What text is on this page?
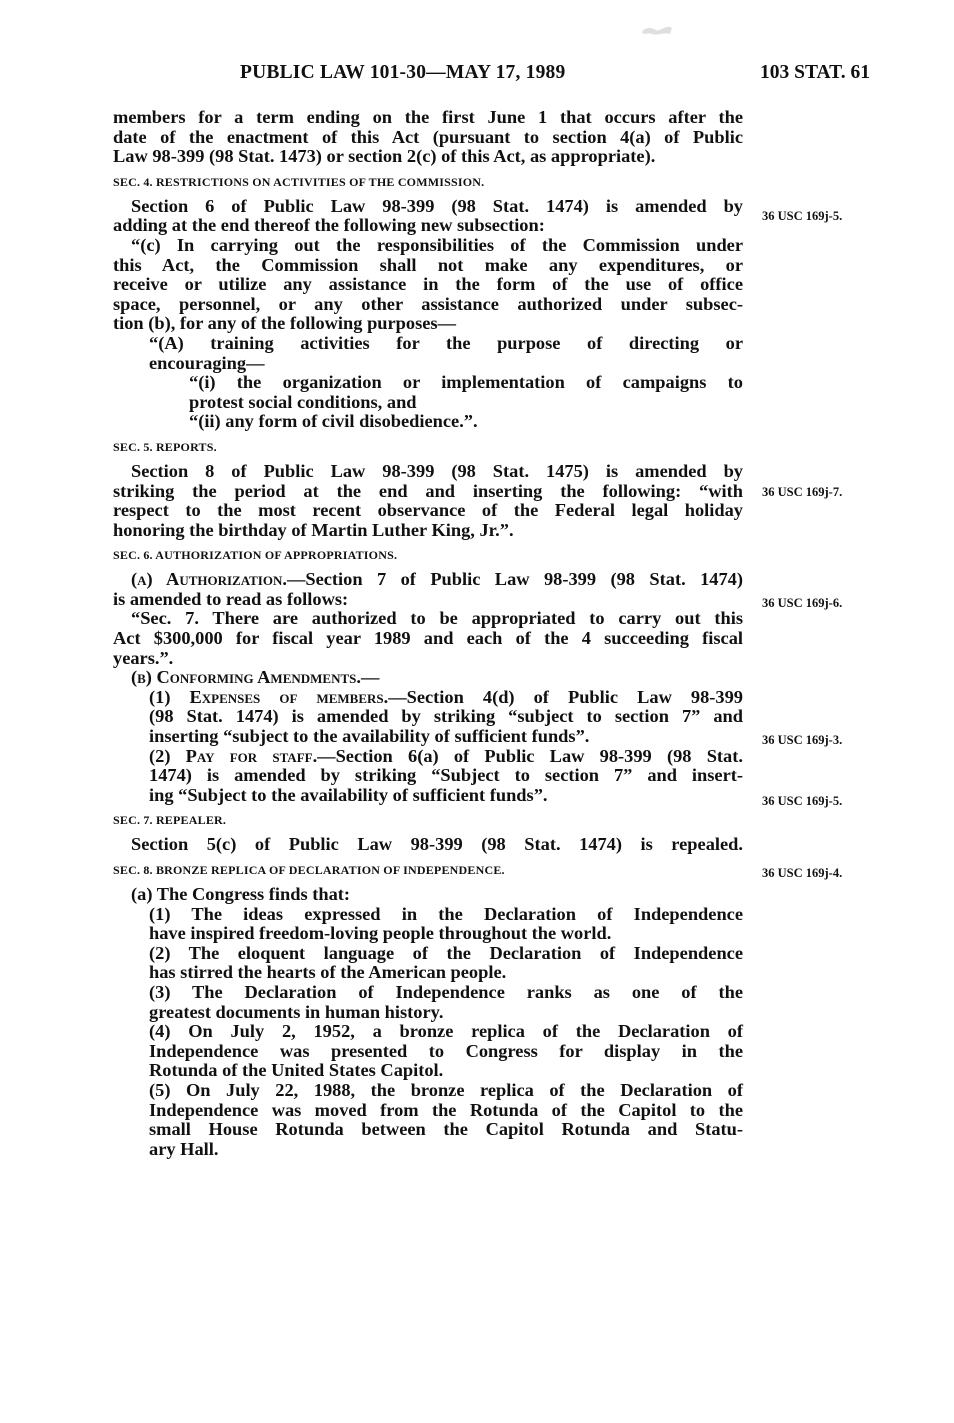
PUBLIC LAW 101-30—MAY 17, 1989	103 STAT. 61
members for a term ending on the first June 1 that occurs after the
date of the enactment of this Act (pursuant to section 4(a) of Public
Law 98-399 (98 Stat. 1473) or section 2(c) of this Act, as appropriate).
SEC. 4. RESTRICTIONS ON ACTIVITIES OF THE COMMISSION.
Section 6 of Public Law 98-399 (98 Stat. 1474) is amended by
adding at the end thereof the following new subsection:
“(c) In carrying out the responsibilities of the Commission under
this Act, the Commission shall not make any expenditures, or
receive or utilize any assistance in the form of the use of office
space, personnel, or any other assistance authorized under subsec-
tion (b), for any of the following purposes—
“(A) training activities for the purpose of directing or
encouraging—
“(i) the organization or implementation of campaigns to
protest social conditions, and
“(ii) any form of civil disobedience.”.
SEC. 5. REPORTS.
Section 8 of Public Law 98-399 (98 Stat. 1475) is amended by
striking the period at the end and inserting the following: “with
respect to the most recent observance of the Federal legal holiday
honoring the birthday of Martin Luther King, Jr.”.
SEC. 6. AUTHORIZATION OF APPROPRIATIONS.
(a) Authorization.—Section 7 of Public Law 98-399 (98 Stat. 1474)
is amended to read as follows:
“Sec. 7. There are authorized to be appropriated to carry out this
Act $300,000 for fiscal year 1989 and each of the 4 succeeding fiscal
years.”.
(b) Conforming Amendments.—
(1) Expenses of members.—Section 4(d) of Public Law 98-399
(98 Stat. 1474) is amended by striking “subject to section 7” and
inserting “subject to the availability of sufficient funds”.
(2) Pay for staff.—Section 6(a) of Public Law 98-399 (98 Stat.
1474) is amended by striking “Subject to section 7” and insert-
ing “Subject to the availability of sufficient funds”.
SEC. 7. REPEALER.
Section 5(c) of Public Law 98-399 (98 Stat. 1474) is repealed.
SEC. 8. BRONZE REPLICA OF DECLARATION OF INDEPENDENCE.
(a) The Congress finds that:
(1) The ideas expressed in the Declaration of Independence
have inspired freedom-loving people throughout the world.
(2) The eloquent language of the Declaration of Independence
has stirred the hearts of the American people.
(3) The Declaration of Independence ranks as one of the
greatest documents in human history.
(4) On July 2, 1952, a bronze replica of the Declaration of
Independence was presented to Congress for display in the
Rotunda of the United States Capitol.
(5) On July 22, 1988, the bronze replica of the Declaration of
Independence was moved from the Rotunda of the Capitol to the
small House Rotunda between the Capitol Rotunda and Statu-
ary Hall.
36 USC 169j-5.
36 USC 169j-7.
36 USC 169j-6.
36 USC 169j-3.
36 USC 169j-5.
36 USC 169j-4.
